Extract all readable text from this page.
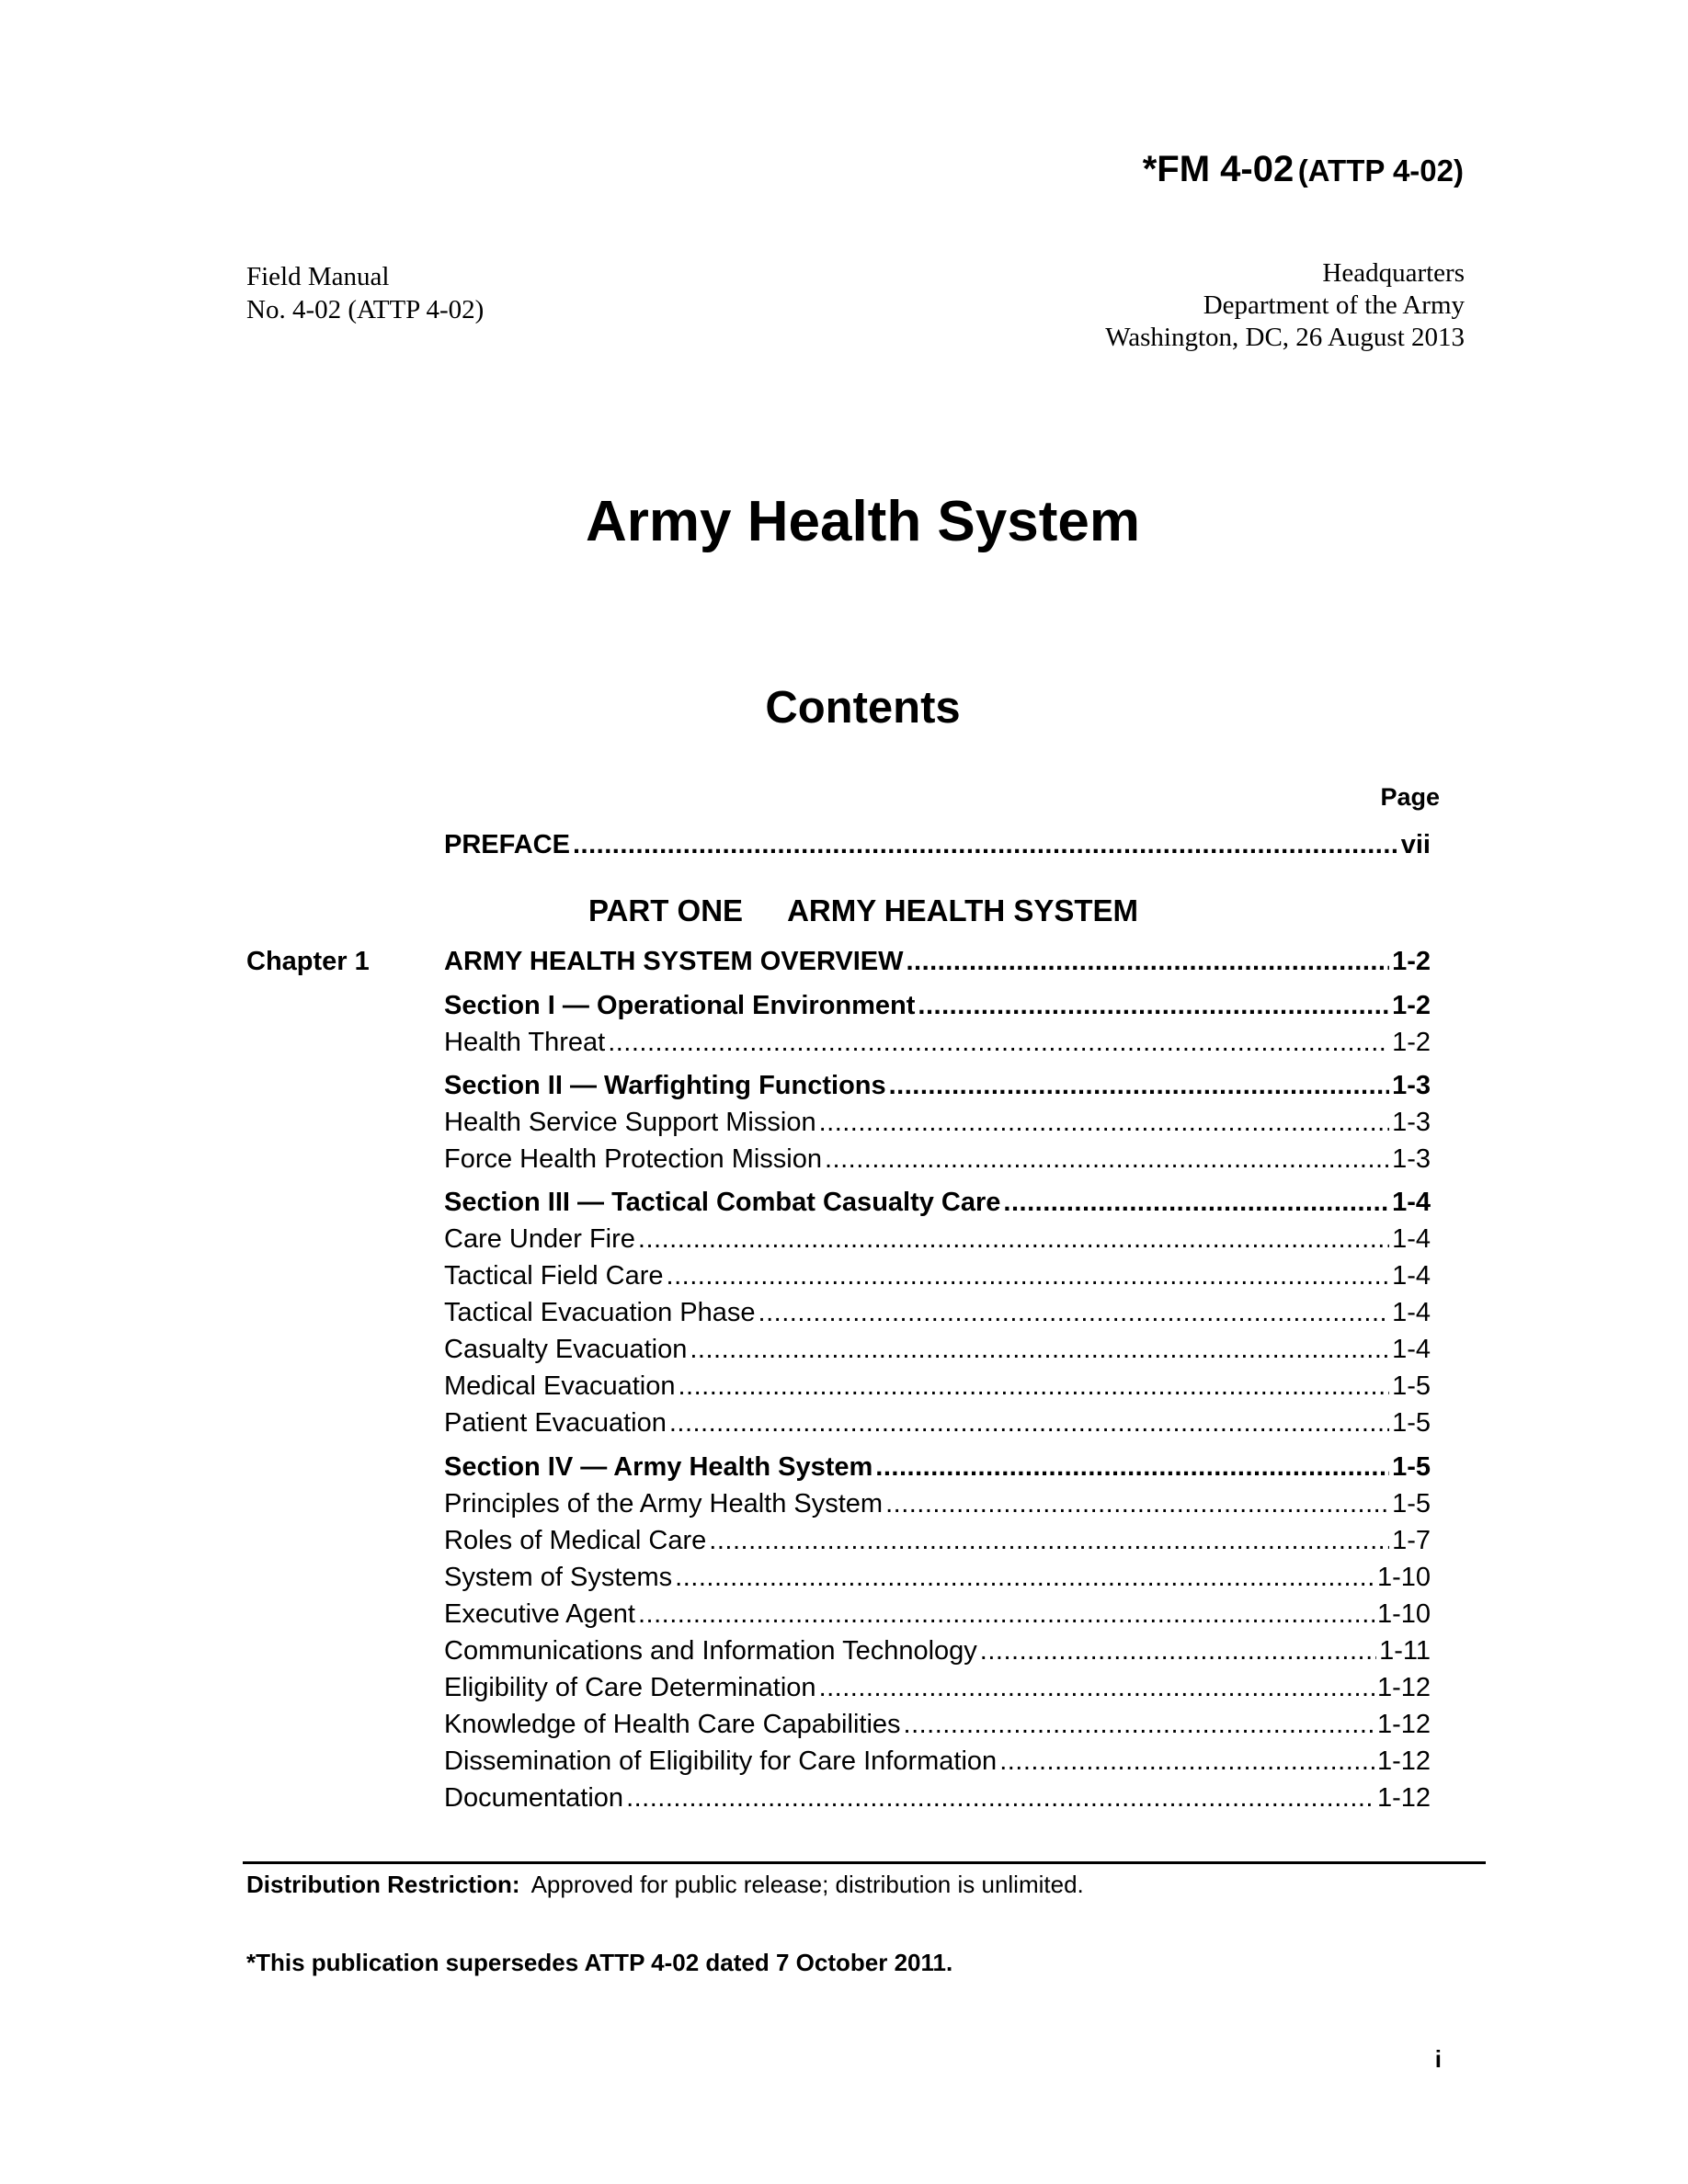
*FM 4-02 (ATTP 4-02)
Field Manual
No. 4-02 (ATTP 4-02)
Headquarters
Department of the Army
Washington, DC, 26 August 2013
Army Health System
Contents
Page
PREFACE .....	vii
PART ONE ARMY HEALTH SYSTEM
Chapter 1	ARMY HEALTH SYSTEM OVERVIEW .....	1-2
Section I — Operational Environment .....	1-2
Health Threat .....	1-2
Section II — Warfighting Functions .....	1-3
Health Service Support Mission .....	1-3
Force Health Protection Mission .....	1-3
Section III — Tactical Combat Casualty Care .....	1-4
Care Under Fire .....	1-4
Tactical Field Care .....	1-4
Tactical Evacuation Phase .....	1-4
Casualty Evacuation .....	1-4
Medical Evacuation .....	1-5
Patient Evacuation .....	1-5
Section IV — Army Health System .....	1-5
Principles of the Army Health System .....	1-5
Roles of Medical Care .....	1-7
System of Systems .....	1-10
Executive Agent .....	1-10
Communications and Information Technology .....	1-11
Eligibility of Care Determination .....	1-12
Knowledge of Health Care Capabilities .....	1-12
Dissemination of Eligibility for Care Information .....	1-12
Documentation .....	1-12
Distribution Restriction: Approved for public release; distribution is unlimited.
*This publication supersedes ATTP 4-02 dated 7 October 2011.
i
